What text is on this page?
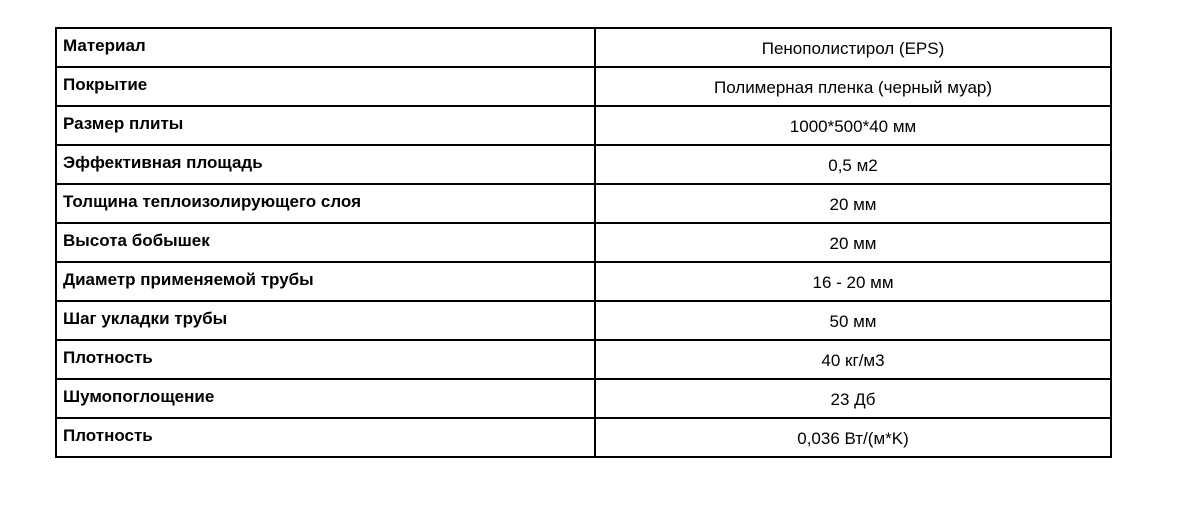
Материал	Пенополистирол (EPS)
Покрытие	Полимерная пленка (черный муар)
Размер плиты	1000*500*40 мм
Эффективная площадь	0,5 м2
Толщина теплоизолирующего слоя	20 мм
Высота бобышек	20 мм
Диаметр применяемой трубы	16 - 20 мм
Шаг укладки трубы	50 мм
Плотность	40 кг/м3
Шумопоглощение	23 Дб
Плотность	0,036 Вт/(м*K)
